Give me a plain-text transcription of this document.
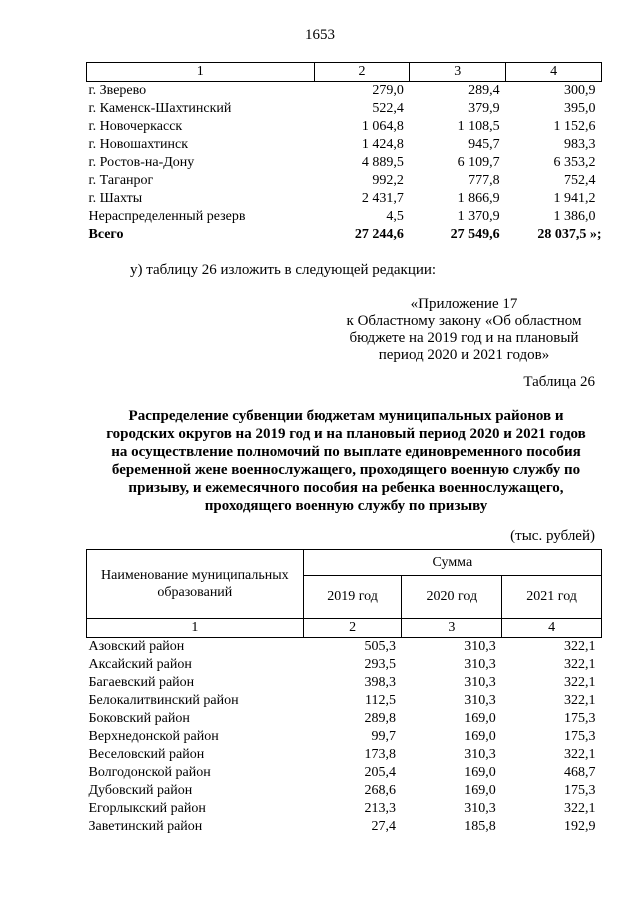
1653
1	2	3	4
г. Зверево	279,0	289,4	300,9
г. Каменск-Шахтинский	522,4	379,9	395,0
г. Новочеркасск	1 064,8	1 108,5	1 152,6
г. Новошахтинск	1 424,8	945,7	983,3
г. Ростов-на-Дону	4 889,5	6 109,7	6 353,2
г. Таганрог	992,2	777,8	752,4
г. Шахты	2 431,7	1 866,9	1 941,2
Нераспределенный резерв	4,5	1 370,9	1 386,0
Всего	27 244,6	27 549,6	28 037,5 »;
у) таблицу 26 изложить в следующей редакции:
«Приложение 17
к Областному закону «Об областном
бюджете на 2019 год и на плановый
период 2020 и 2021 годов»
Таблица 26
Распределение субвенции бюджетам муниципальных районов и
городских округов на 2019 год и на плановый период 2020 и 2021 годов
на осуществление полномочий по выплате единовременного пособия
беременной жене военнослужащего, проходящего военную службу по
призыву, и ежемесячного пособия на ребенка военнослужащего,
проходящего военную службу по призыву
(тыс. рублей)
Наименование муниципальных образований	Сумма		
	2019 год	2020 год	2021 год
1	2	3	4
Азовский район	505,3	310,3	322,1
Аксайский район	293,5	310,3	322,1
Багаевский район	398,3	310,3	322,1
Белокалитвинский район	112,5	310,3	322,1
Боковский район	289,8	169,0	175,3
Верхнедонской район	99,7	169,0	175,3
Веселовский район	173,8	310,3	322,1
Волгодонской район	205,4	169,0	468,7
Дубовский район	268,6	169,0	175,3
Егорлыкский район	213,3	310,3	322,1
Заветинский район	27,4	185,8	192,9
